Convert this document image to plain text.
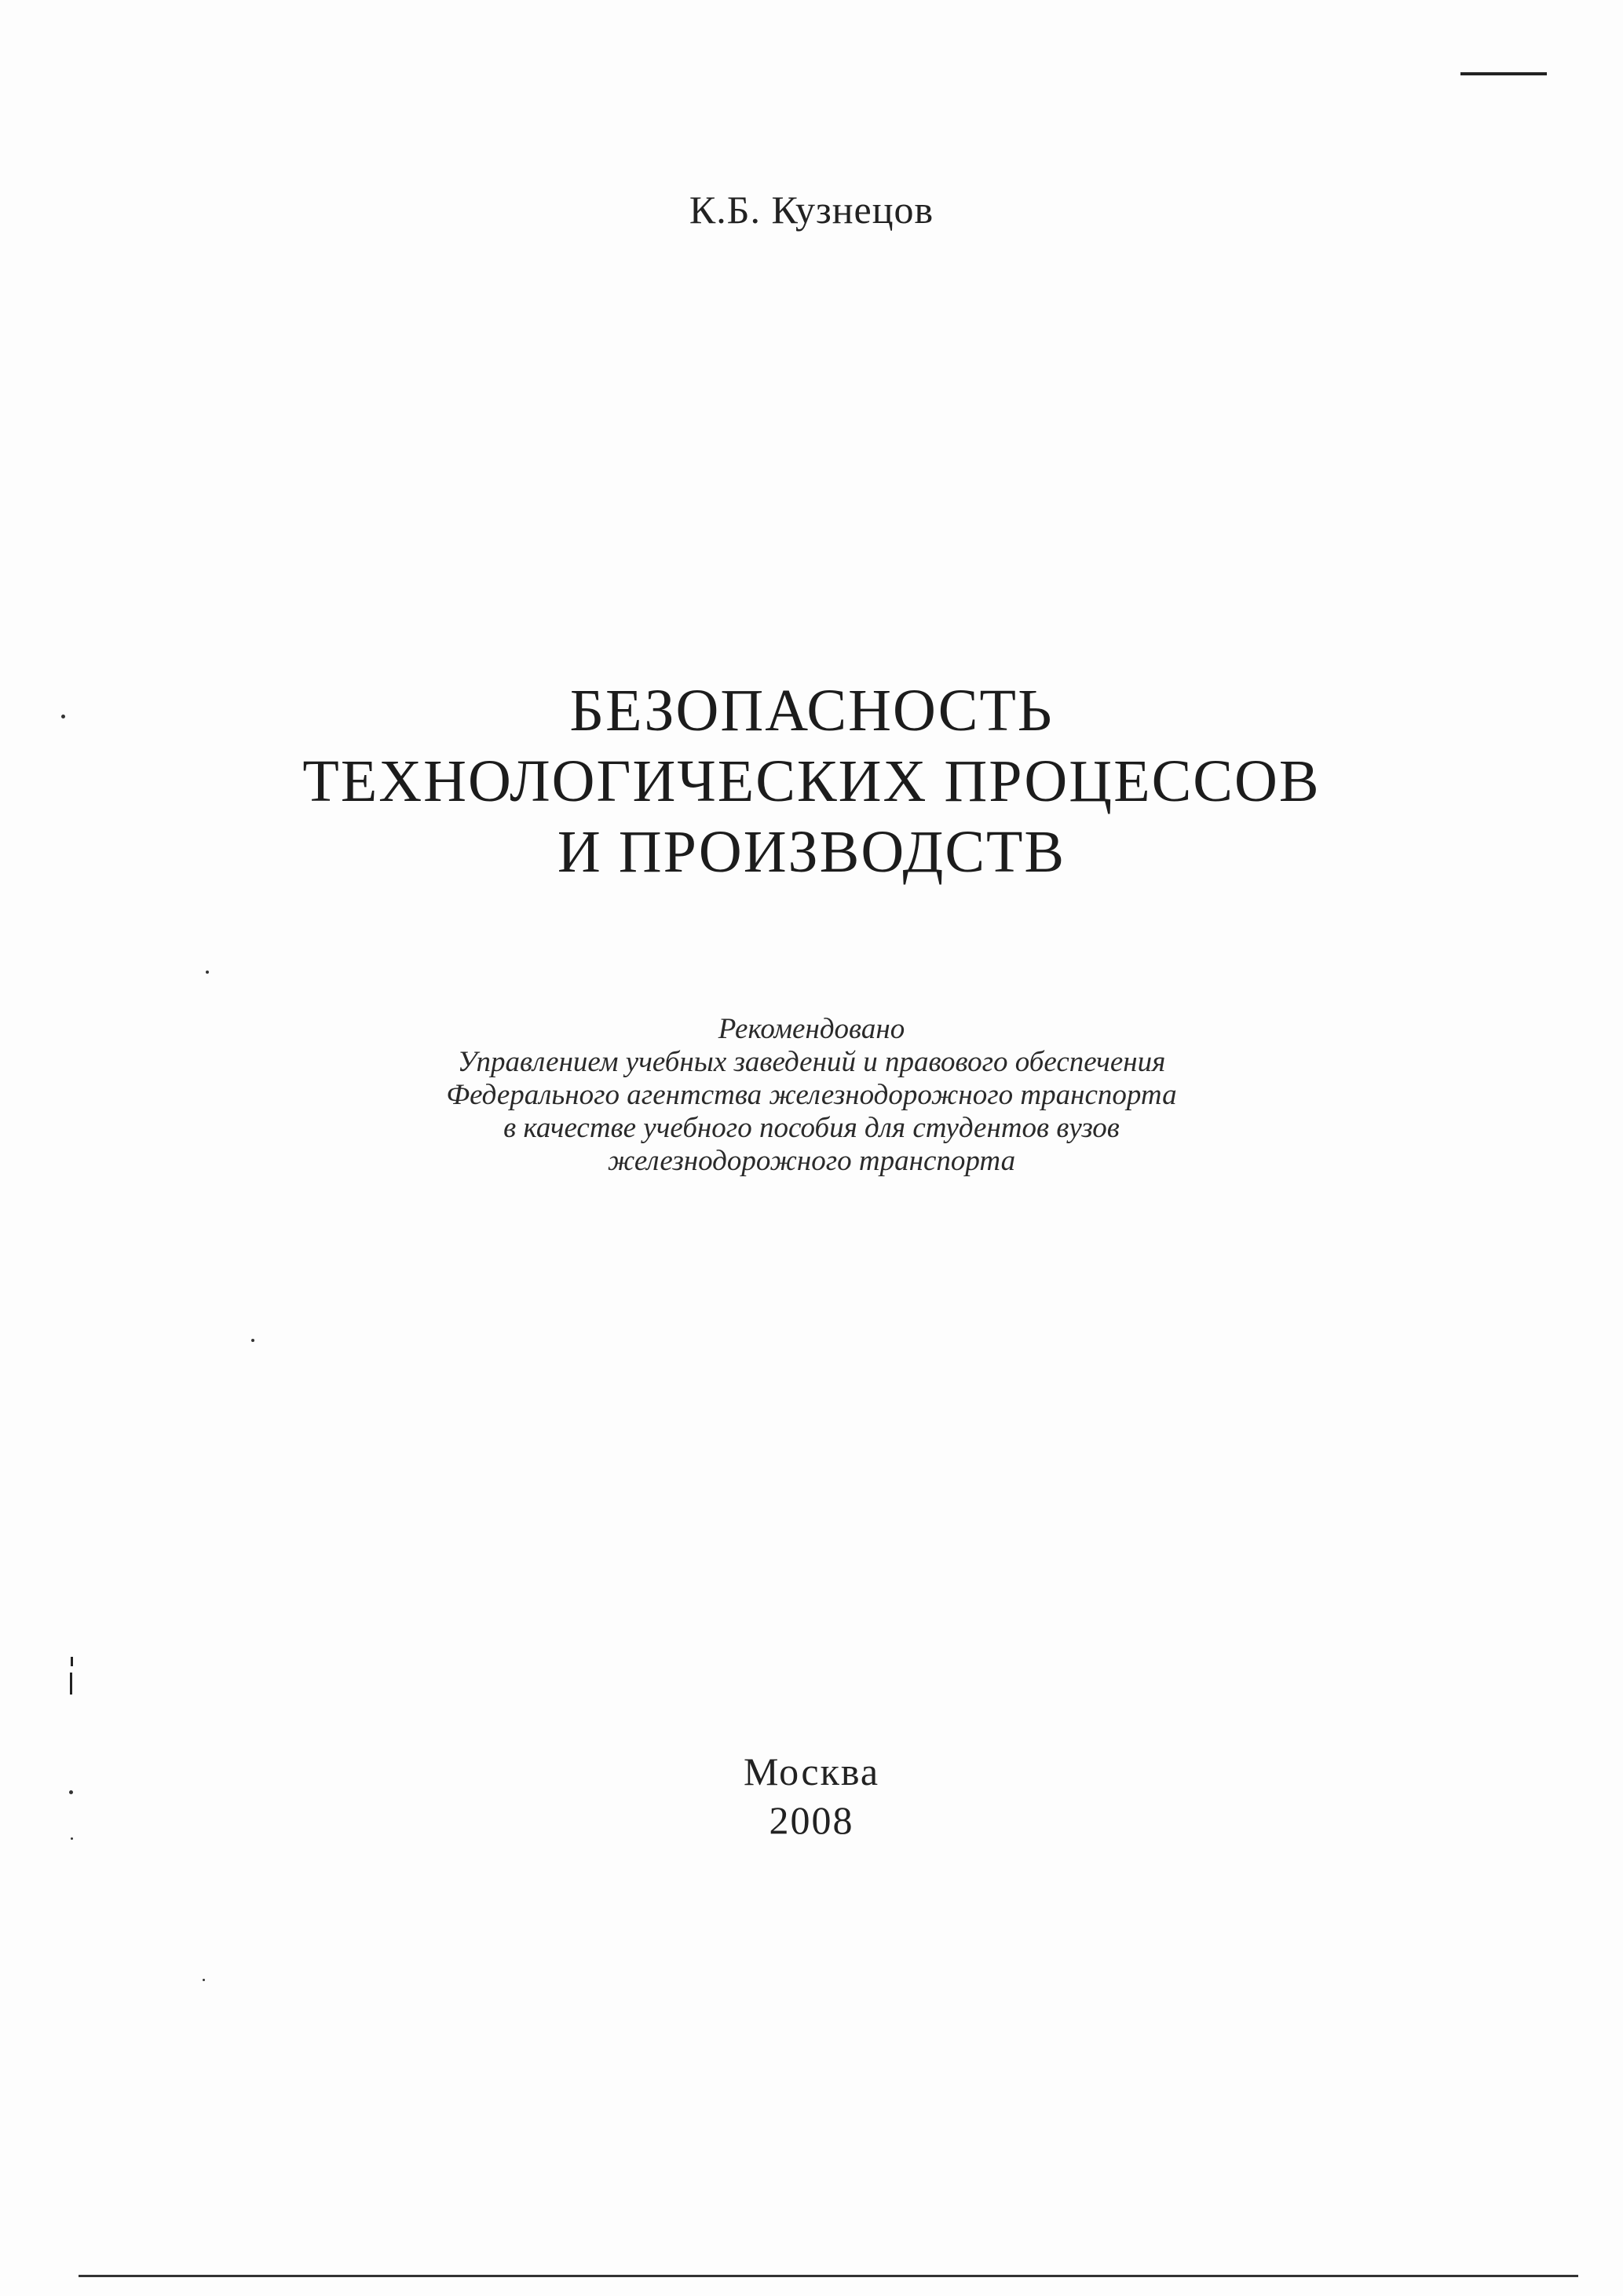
К.Б. Кузнецов
БЕЗОПАСНОСТЬ
ТЕХНОЛОГИЧЕСКИХ ПРОЦЕССОВ
И ПРОИЗВОДСТВ
Рекомендовано
Управлением учебных заведений и правового обеспечения
Федерального агентства железнодорожного транспорта
в качестве учебного пособия для студентов вузов
железнодорожного транспорта
Москва
2008
